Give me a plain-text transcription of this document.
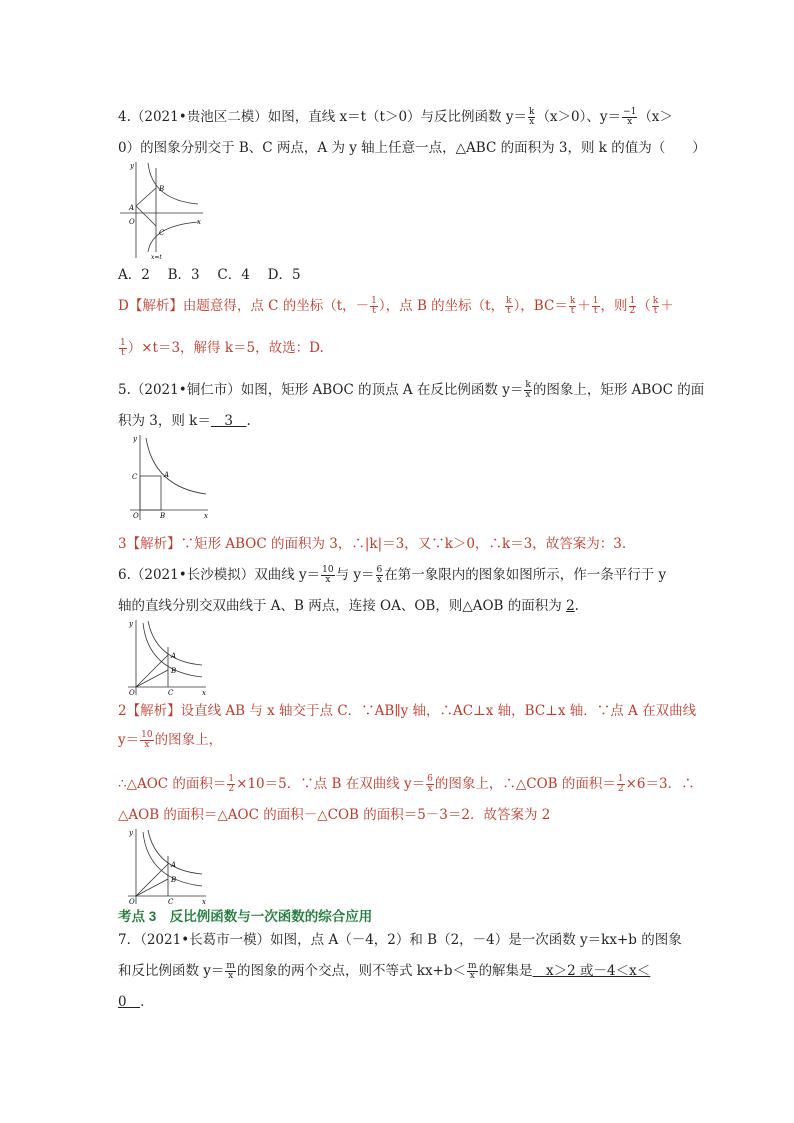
4.（2021•贵池区二模）如图，直线 x＝t（t＞0）与反比例函数 $y= \frac{k}{x} (x>0)$、$y= \frac{-1}{x} (x>$
0）的图象分别交于 B、C 两点，A 为 y 轴上任意一点，△ABC 的面积为 3，则 k 的值为（　　）
A
B
C
O
y
x
x=t
A．2　 B．3　 C．4　 D．5
D【解析】由题意得，点 C 的坐标（t，－ $\frac{1}{t}$ ），点 B 的坐标（t， $\frac{k}{t}$ ），$BC= \frac{k}{t} + \frac{1}{t}$ ，则 $\frac{1}{2}$ （ $\frac{k}{t}$ ＋
$\frac{1}{t} )\times t=3$，解得 k＝5，故选：D.
5.（2021•铜仁市）如图，矩形 ABOC 的顶点 A 在反比例函数 $y= \frac{k}{x}$ 的图象上，矩形 ABOC 的面
积为 3，则 k＝　3　.
A
B
C
O
y
x
3【解析】∵矩形 ABOC 的面积为 3，∴|k|＝3，又∵k＞0，∴k＝3，故答案为：3.
6.（2021•长沙模拟）双曲线 $y= \frac{10}{x}$ 与 $y= \frac{6}{x}$ 在第一象限内的图象如图所示，作一条平行于 y
轴的直线分别交双曲线于 A、B 两点，连接 OA、OB，则△AOB 的面积为 2.
A
B
C
O
y
x
2【解析】设直线 AB 与 x 轴交于点 C．∵AB∥y 轴，∴AC⊥x 轴，BC⊥x 轴．∵点 A 在双曲线
$y= \frac{10}{x}$ 的图象上，
∴△AOC 的面积＝ $\frac{1}{2} \times 10=5$．∵点 B 在双曲线 $y= \frac{6}{x}$ 的图象上，∴△COB 的面积＝ $\frac{1}{2} \times 6=3$．∴
△AOB 的面积＝△AOC 的面积－△COB 的面积＝5－3＝2．故答案为 2
A
B
C
O
y
x
考点 3　反比例函数与一次函数的综合应用
7．（2021•长葛市一模）如图，点 A（－4，2）和 B（2，－4）是一次函数 y＝kx+b 的图象
和反比例函数 $y= \frac{m}{x}$ 的图象的两个交点，则不等式 $kx+b< \frac{m}{x}$ 的解集是　x＞2 或－4＜x＜
0　.
